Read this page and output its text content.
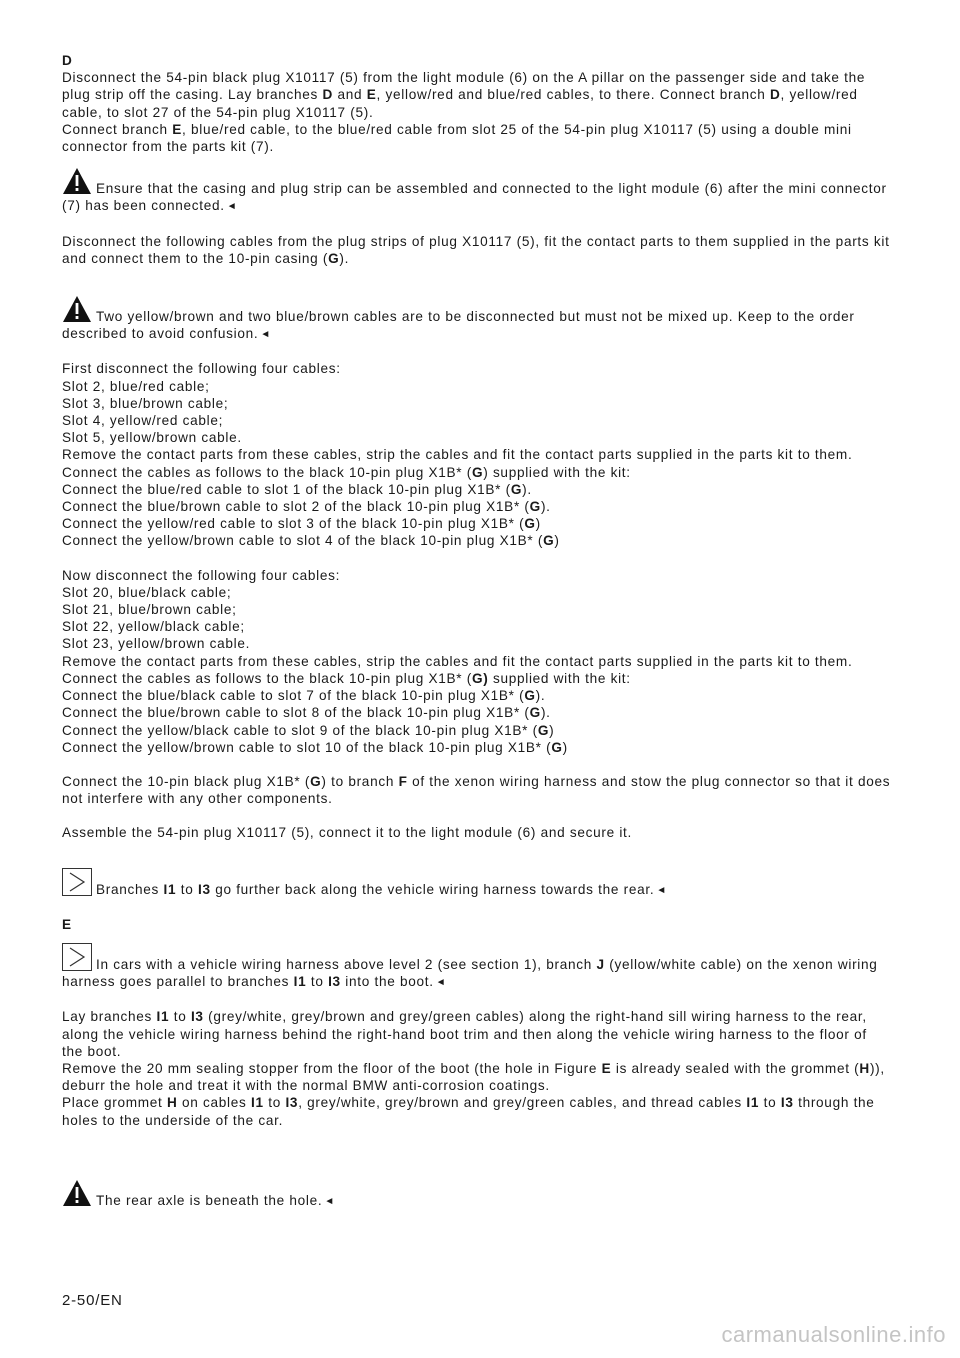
D

Disconnect the 54-pin black plug X10117 (5) from the light module (6) on the A pillar on the passenger side and take the plug strip off the casing. Lay branches D and E, yellow/red and blue/red cables, to there. Connect branch D, yellow/red cable, to slot 27 of the 54-pin plug X10117 (5).
Connect branch E, blue/red cable, to the blue/red cable from slot 25 of the 54-pin plug X10117 (5) using a double mini connector from the parts kit (7).

Ensure that the casing and plug strip can be assembled and connected to the light module (6) after the mini connector (7) has been connected. ◄

Disconnect the following cables from the plug strips of plug X10117 (5), fit the contact parts to them supplied in the parts kit and connect them to the 10-pin casing (G).

Two yellow/brown and two blue/brown cables are to be disconnected but must not be mixed up. Keep to the order described to avoid confusion. ◄

First disconnect the following four cables:

Slot 2, blue/red cable;

Slot 3, blue/brown cable;

Slot 4, yellow/red cable;

Slot 5, yellow/brown cable.

Remove the contact parts from these cables, strip the cables and fit the contact parts supplied in the parts kit to them.

Connect the cables as follows to the black 10-pin plug X1B* (G) supplied with the kit:

Connect the blue/red cable to slot 1 of the black 10-pin plug X1B* (G).

Connect the blue/brown cable to slot 2 of the black 10-pin plug X1B* (G).

Connect the yellow/red cable to slot 3 of the black 10-pin plug X1B* (G)

Connect the yellow/brown cable to slot 4 of the black 10-pin plug X1B* (G)

Now disconnect the following four cables:

Slot 20, blue/black cable;

Slot 21, blue/brown cable;

Slot 22, yellow/black cable;

Slot 23, yellow/brown cable.

Remove the contact parts from these cables, strip the cables and fit the contact parts supplied in the parts kit to them.

Connect the cables as follows to the black 10-pin plug X1B* (G) supplied with the kit:

Connect the blue/black cable to slot 7 of the black 10-pin plug X1B* (G).

Connect the blue/brown cable to slot 8 of the black 10-pin plug X1B* (G).

Connect the yellow/black cable to slot 9 of the black 10-pin plug X1B* (G)

Connect the yellow/brown cable to slot 10 of the black 10-pin plug X1B* (G)

Connect the 10-pin black plug X1B* (G) to branch F of the xenon wiring harness and stow the plug connector so that it does not interfere with any other components.

Assemble the 54-pin plug X10117 (5), connect it to the light module (6) and secure it.

Branches I1 to I3 go further back along the vehicle wiring harness towards the rear. ◄

E

In cars with a vehicle wiring harness above level 2 (see section 1), branch J (yellow/white cable) on the xenon wiring harness goes parallel to branches I1 to I3 into the boot. ◄

Lay branches I1 to I3 (grey/white, grey/brown and grey/green cables) along the right-hand sill wiring harness to the rear, along the vehicle wiring harness behind the right-hand boot trim and then along the vehicle wiring harness to the floor of the boot.
Remove the 20 mm sealing stopper from the floor of the boot (the hole in Figure E is already sealed with the grommet (H)), deburr the hole and treat it with the normal BMW anti-corrosion coatings.
Place grommet H on cables I1 to I3, grey/white, grey/brown and grey/green cables, and thread cables I1 to I3 through the holes to the underside of the car.

The rear axle is beneath the hole. ◄

2-50/EN
carmanualsonline.info
